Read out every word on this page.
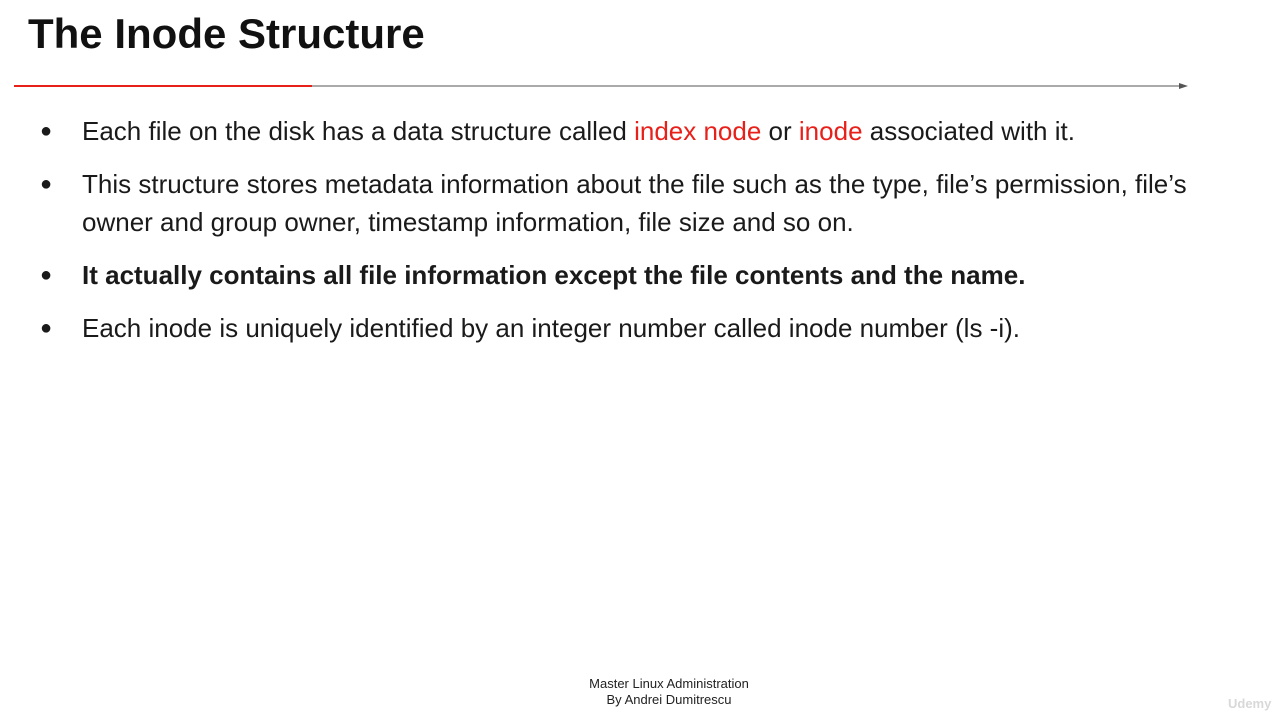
The Inode Structure
●	Each file on the disk has a data structure called index node or inode associated with it.
●	This structure stores metadata information about the file such as the type, file’s permission, file’s owner and group owner, timestamp information, file size and so on.
●	It actually contains all file information except the file contents and the name.
●	Each inode is uniquely identified by an integer number called inode number (ls -i).
Master Linux Administration
By Andrei Dumitrescu	Udemy
